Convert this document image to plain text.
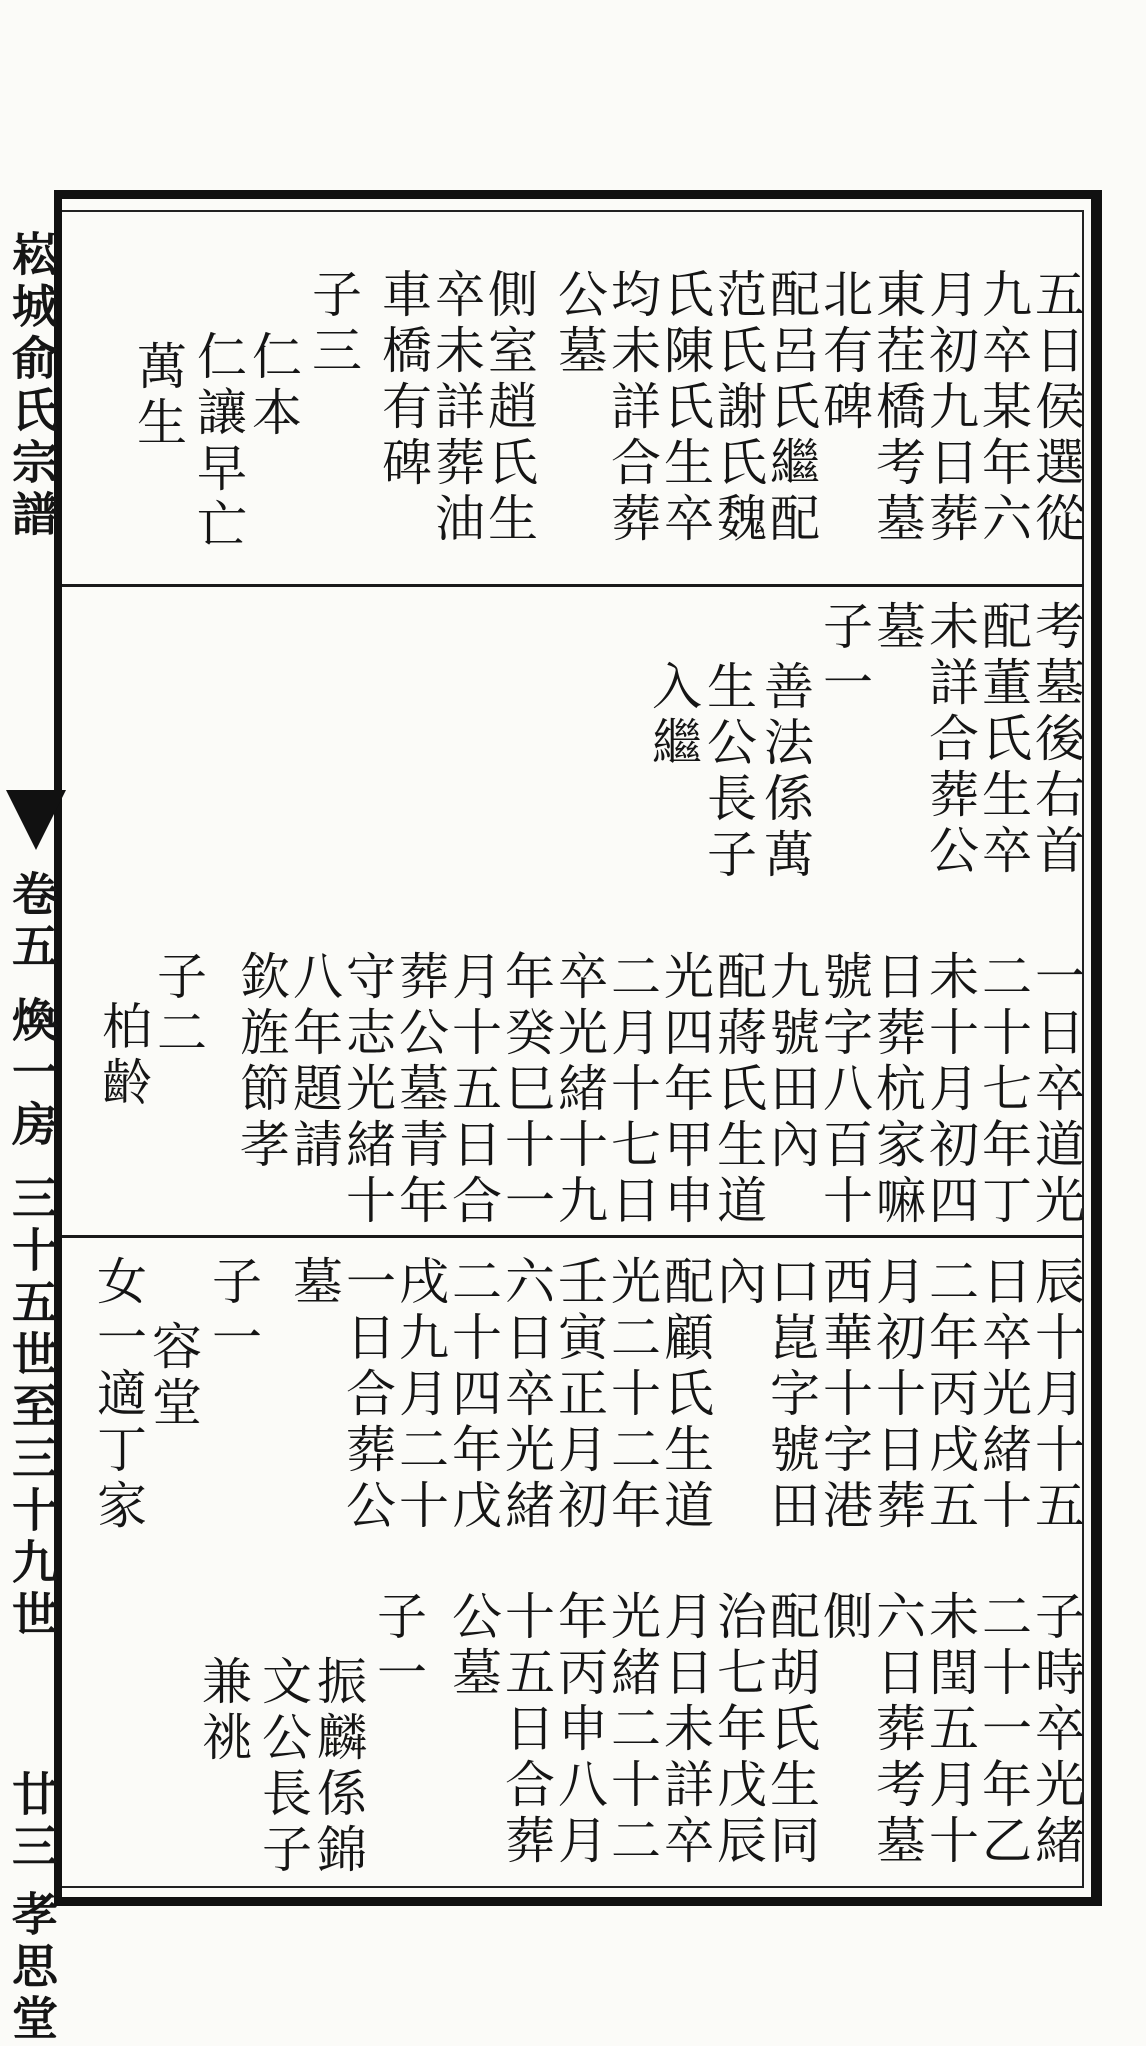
崧城俞氏宗譜
卷五 煥一房 三十五世至三十九世
廿三
孝思堂
五日侯選從
九卒某年六
月初九日葬
東茬橋考墓
北有碑
配呂氏繼配
范氏謝氏魏
氏陳氏生卒
均未詳合葬
公墓
側室趙氏生
卒未詳葬油
車橋有碑
子三
仁本
仁讓早亡
萬生
考墓後右首
配董氏生卒
未詳合葬公
墓
子一
善法係萬
生公長子
入繼
一日卒道光
二十七年丁
未十月初四
日葬杭家嘛
號字八百十
九號田內
配蔣氏生道
光四年甲申
二月十七日
卒光緒十九
年癸巳十一
月十五日合
葬公墓青年
守志光緒十
八年題請
欽旌節孝
子二
柏齡
辰十月十五
日卒光緒十
二年丙戌五
月初十日葬
西華十字港
口崑字號田
內
配顧氏生道
光二十二年
壬寅正月初
六日卒光緒
二十四年戊
戌九月二十
一日合葬公
墓
子一
容堂
女一適丁家
子時卒光緒
二十一年乙
未閏五月十
六日葬考墓
側
配胡氏生同
治七年戊辰
月日未詳卒
光緒二十二
年丙申八月
十五日合葬
公墓
子一
振麟係錦
文公長子
兼祧
